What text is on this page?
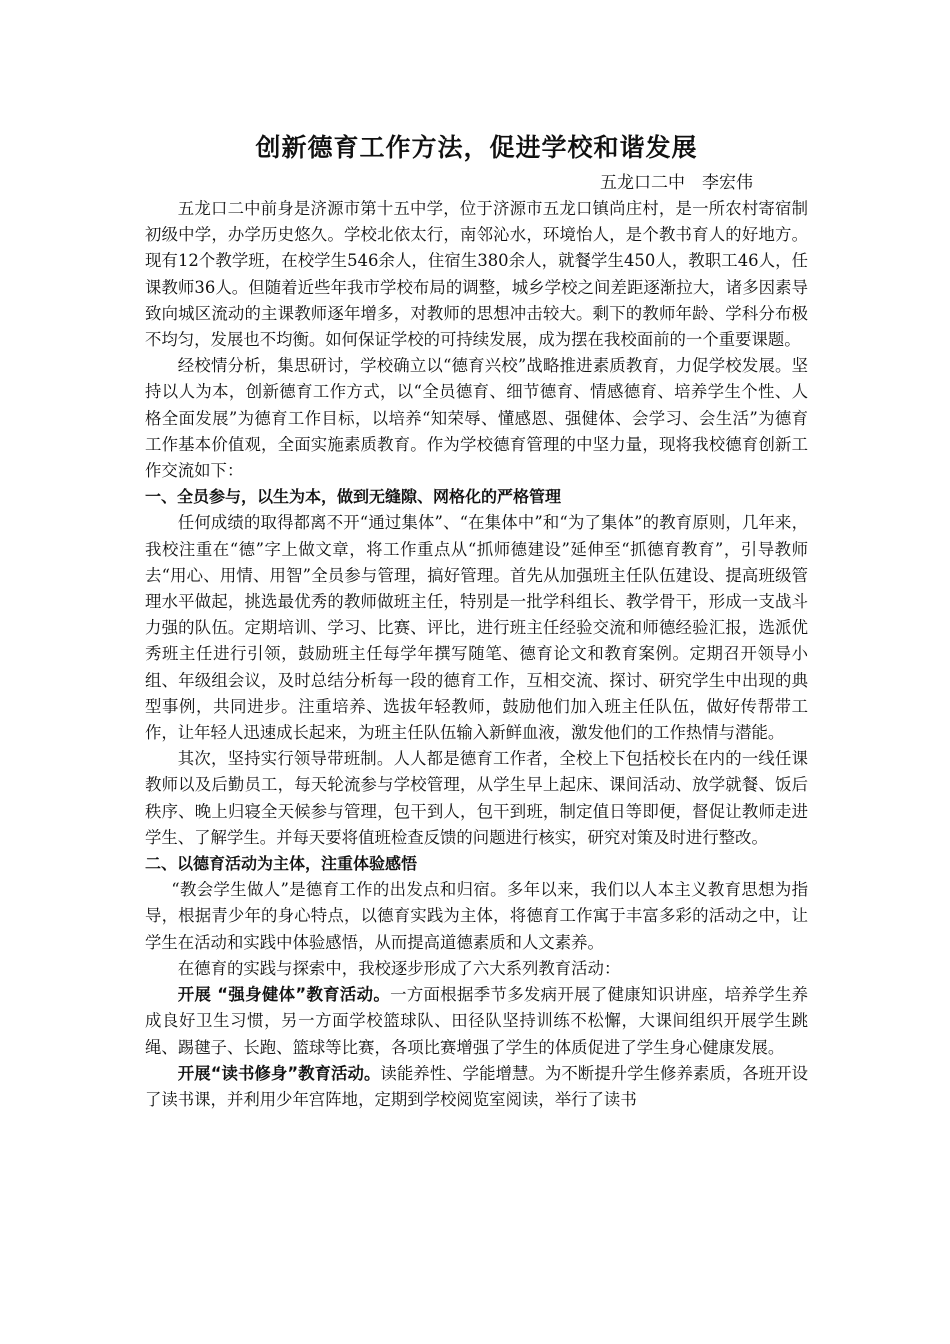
创新德育工作方法，促进学校和谐发展

五龙口二中　李宏伟

五龙口二中前身是济源市第十五中学，位于济源市五龙口镇尚庄村，是一所农村寄宿制初级中学，办学历史悠久。学校北依太行，南邻沁水，环境怡人，是个教书育人的好地方。现有12个教学班，在校学生546余人，住宿生380余人，就餐学生450人，教职工46人，任课教师36人。但随着近些年我市学校布局的调整，城乡学校之间差距逐渐拉大，诸多因素导致向城区流动的主课教师逐年增多，对教师的思想冲击较大。剩下的教师年龄、学科分布极不均匀，发展也不均衡。如何保证学校的可持续发展，成为摆在我校面前的一个重要课题。

经校情分析，集思研讨，学校确立以“德育兴校”战略推进素质教育，力促学校发展。坚持以人为本，创新德育工作方式，以“全员德育、细节德育、情感德育、培养学生个性、人格全面发展”为德育工作目标，以培养“知荣辱、懂感恩、强健体、会学习、会生活”为德育工作基本价值观，全面实施素质教育。作为学校德育管理的中坚力量，现将我校德育创新工作交流如下：

一、全员参与，以生为本，做到无缝隙、网格化的严格管理

任何成绩的取得都离不开“通过集体”、“在集体中”和“为了集体”的教育原则，几年来，我校注重在“德”字上做文章，将工作重点从“抓师德建设”延伸至“抓德育教育”，引导教师去“用心、用情、用智”全员参与管理，搞好管理。首先从加强班主任队伍建设、提高班级管理水平做起，挑选最优秀的教师做班主任，特别是一批学科组长、教学骨干，形成一支战斗力强的队伍。定期培训、学习、比赛、评比，进行班主任经验交流和师德经验汇报，选派优秀班主任进行引领，鼓励班主任每学年撰写随笔、德育论文和教育案例。定期召开领导小组、年级组会议，及时总结分析每一段的德育工作，互相交流、探讨、研究学生中出现的典型事例，共同进步。注重培养、选拔年轻教师，鼓励他们加入班主任队伍，做好传帮带工作，让年轻人迅速成长起来，为班主任队伍输入新鲜血液，激发他们的工作热情与潜能。

其次，坚持实行领导带班制。人人都是德育工作者，全校上下包括校长在内的一线任课教师以及后勤员工，每天轮流参与学校管理，从学生早上起床、课间活动、放学就餐、饭后秩序、晚上归寝全天候参与管理，包干到人，包干到班，制定值日等即便，督促让教师走进学生、了解学生。并每天要将值班检查反馈的问题进行核实，研究对策及时进行整改。

二、以德育活动为主体，注重体验感悟

“教会学生做人”是德育工作的出发点和归宿。多年以来，我们以人本主义教育思想为指导，根据青少年的身心特点，以德育实践为主体，将德育工作寓于丰富多彩的活动之中，让学生在活动和实践中体验感悟，从而提高道德素质和人文素养。

在德育的实践与探索中，我校逐步形成了六大系列教育活动：

开展 “强身健体”教育活动。一方面根据季节多发病开展了健康知识讲座，培养学生养成良好卫生习惯，另一方面学校篮球队、田径队坚持训练不松懈，大课间组织开展学生跳绳、踢毽子、长跑、篮球等比赛，各项比赛增强了学生的体质促进了学生身心健康发展。

开展“读书修身”教育活动。读能养性、学能增慧。为不断提升学生修养素质，各班开设了读书课，并利用少年宫阵地，定期到学校阅览室阅读，举行了读书
